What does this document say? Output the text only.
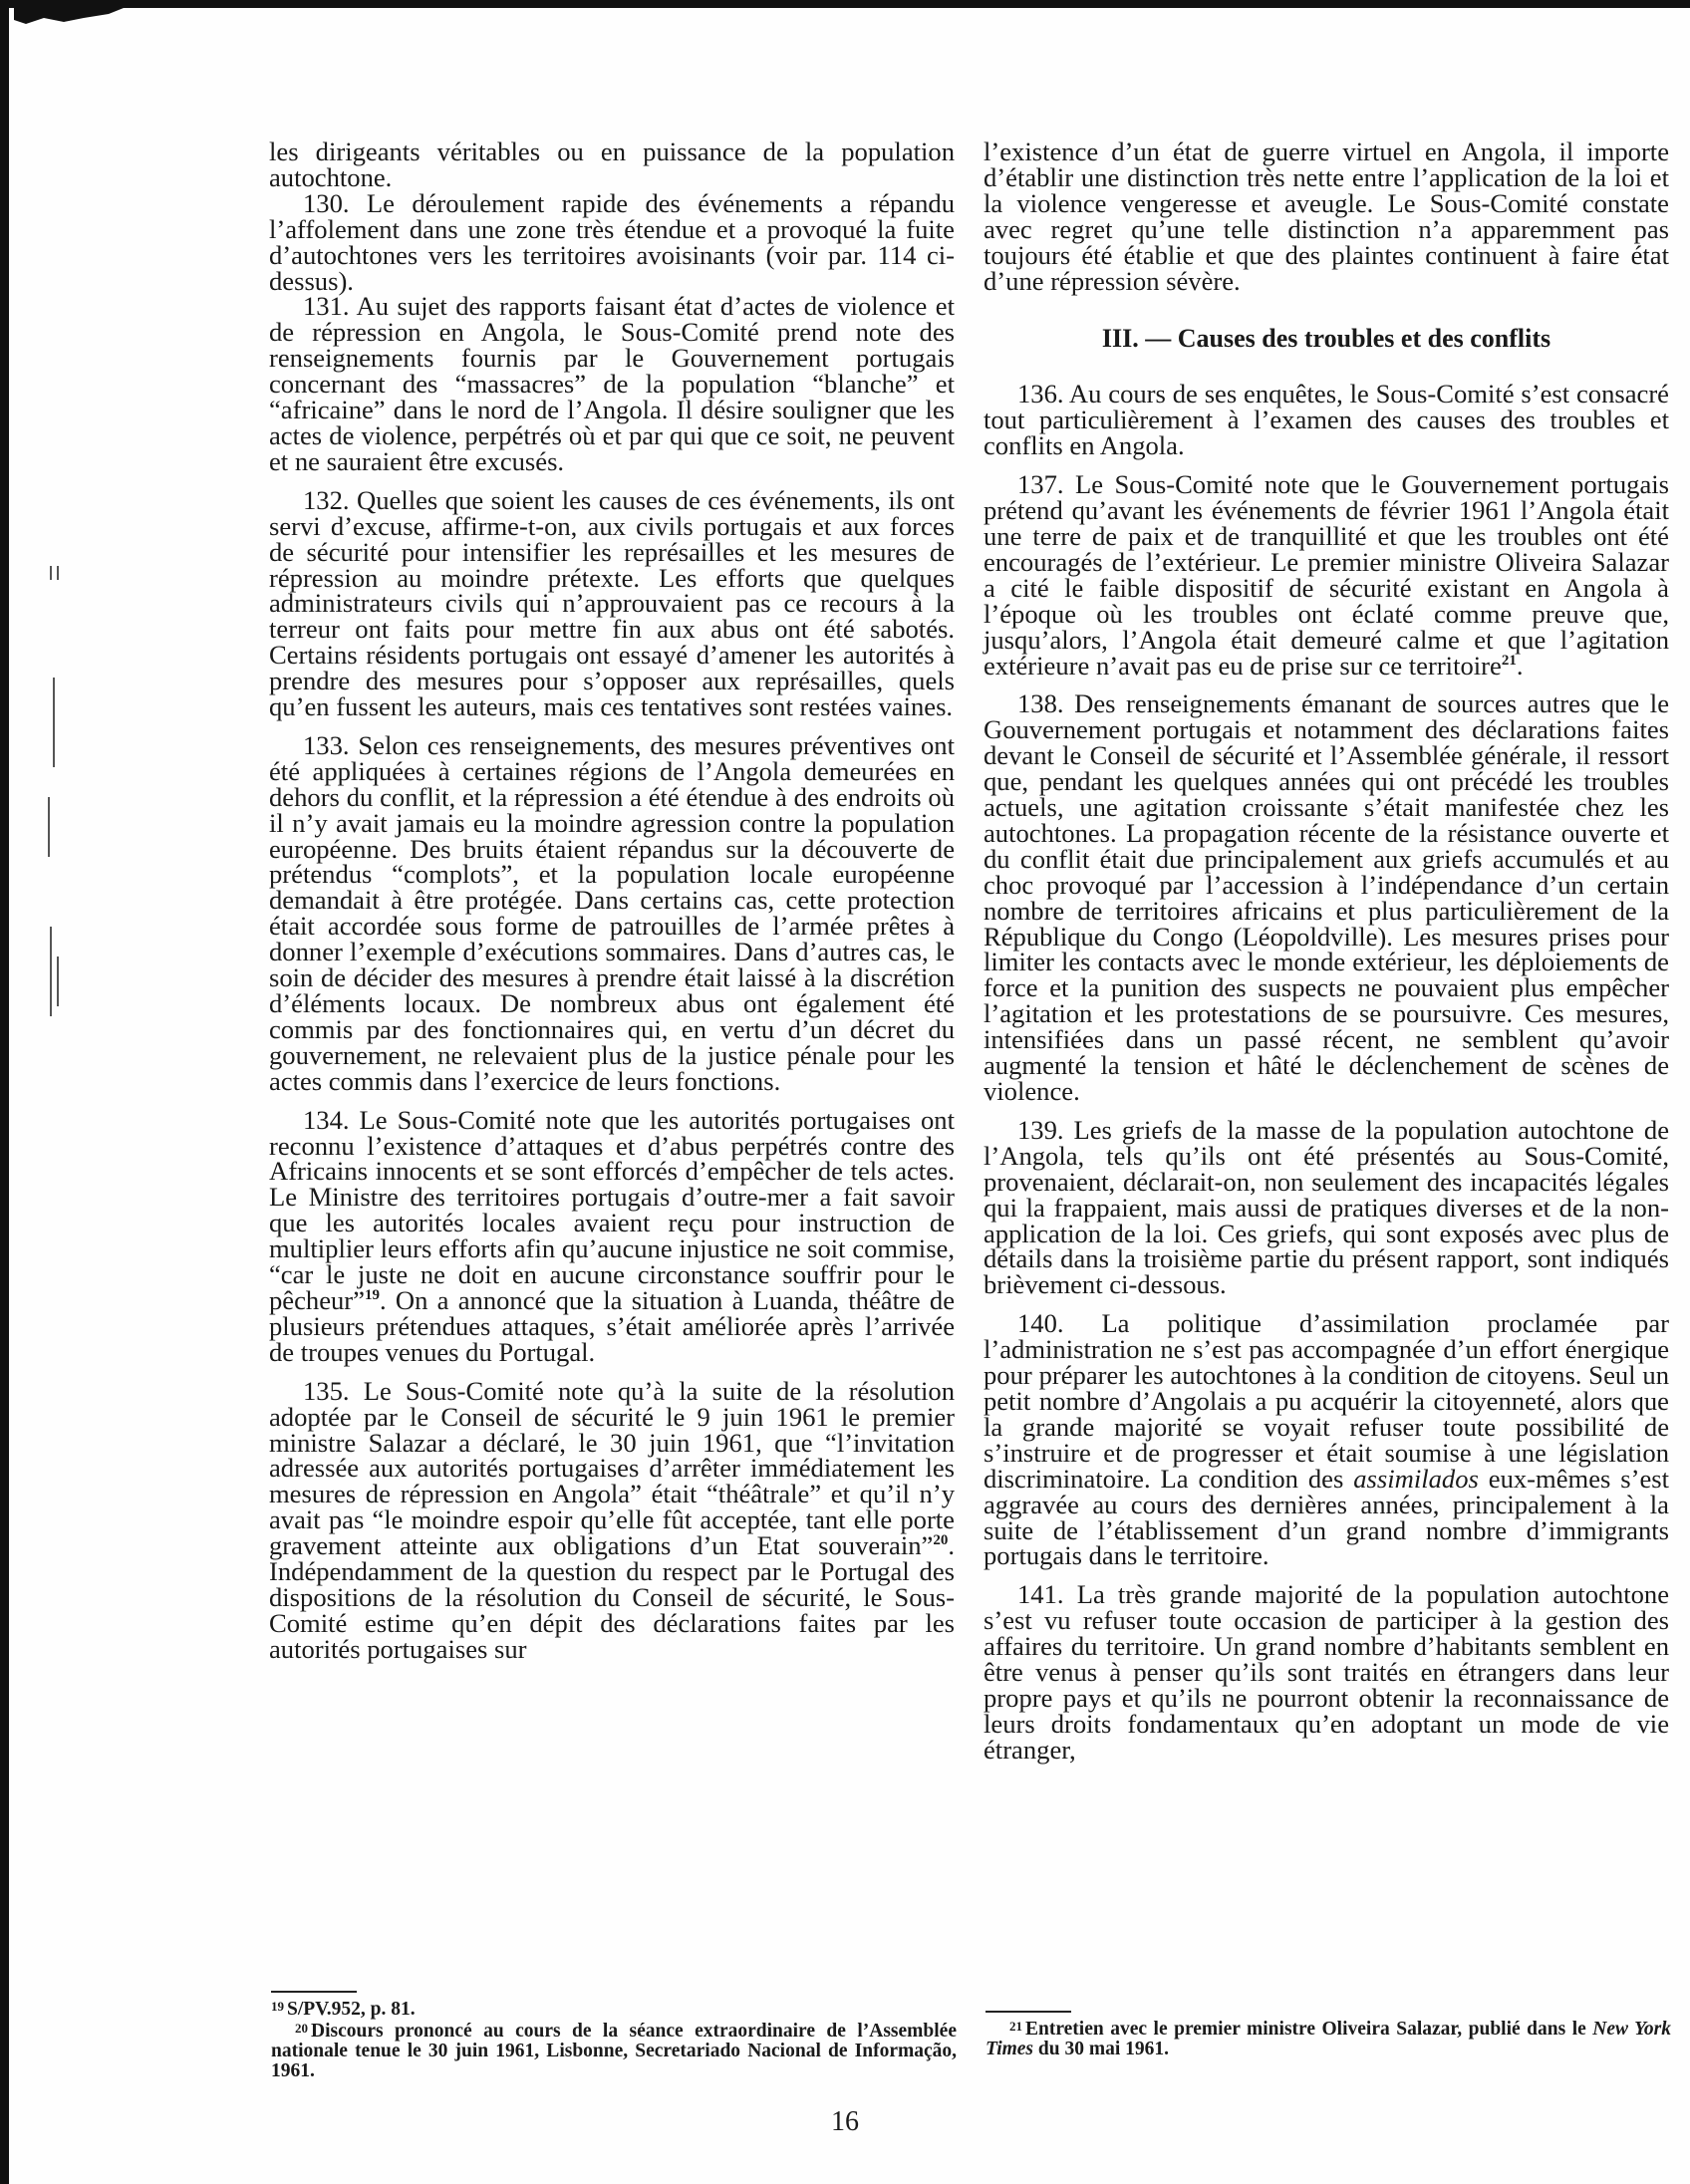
les dirigeants véritables ou en puissance de la population autochtone.

130. Le déroulement rapide des événements a répandu l’affolement dans une zone très étendue et a provoqué la fuite d’autochtones vers les territoires avoisinants (voir par. 114 ci-dessus).

131. Au sujet des rapports faisant état d’actes de violence et de répression en Angola, le Sous-Comité prend note des renseignements fournis par le Gouvernement portugais concernant des “massacres” de la population “blanche” et “africaine” dans le nord de l’Angola. Il désire souligner que les actes de violence, perpétrés où et par qui que ce soit, ne peuvent et ne sauraient être excusés.

132. Quelles que soient les causes de ces événements, ils ont servi d’excuse, affirme-t-on, aux civils portugais et aux forces de sécurité pour intensifier les représailles et les mesures de répression au moindre prétexte. Les efforts que quelques administrateurs civils qui n’approuvaient pas ce recours à la terreur ont faits pour mettre fin aux abus ont été sabotés. Certains résidents portugais ont essayé d’amener les autorités à prendre des mesures pour s’opposer aux représailles, quels qu’en fussent les auteurs, mais ces tentatives sont restées vaines.

133. Selon ces renseignements, des mesures préventives ont été appliquées à certaines régions de l’Angola demeurées en dehors du conflit, et la répression a été étendue à des endroits où il n’y avait jamais eu la moindre agression contre la population européenne. Des bruits étaient répandus sur la découverte de prétendus “complots”, et la population locale européenne demandait à être protégée. Dans certains cas, cette protection était accordée sous forme de patrouilles de l’armée prêtes à donner l’exemple d’exécutions sommaires. Dans d’autres cas, le soin de décider des mesures à prendre était laissé à la discrétion d’éléments locaux. De nombreux abus ont également été commis par des fonctionnaires qui, en vertu d’un décret du gouvernement, ne relevaient plus de la justice pénale pour les actes commis dans l’exercice de leurs fonctions.

134. Le Sous-Comité note que les autorités portugaises ont reconnu l’existence d’attaques et d’abus perpétrés contre des Africains innocents et se sont efforcés d’empêcher de tels actes. Le Ministre des territoires portugais d’outre-mer a fait savoir que les autorités locales avaient reçu pour instruction de multiplier leurs efforts afin qu’aucune injustice ne soit commise, “car le juste ne doit en aucune circonstance souffrir pour le pêcheur”$^{19}$. On a annoncé que la situation à Luanda, théâtre de plusieurs prétendues attaques, s’était améliorée après l’arrivée de troupes venues du Portugal.

135. Le Sous-Comité note qu’à la suite de la résolution adoptée par le Conseil de sécurité le 9 juin 1961 le premier ministre Salazar a déclaré, le 30 juin 1961, que “l’invitation adressée aux autorités portugaises d’arrêter immédiatement les mesures de répression en Angola” était “théâtrale” et qu’il n’y avait pas “le moindre espoir qu’elle fût acceptée, tant elle porte gravement atteinte aux obligations d’un Etat souverain”$^{20}$. Indépendamment de la question du respect par le Portugal des dispositions de la résolution du Conseil de sécurité, le Sous-Comité estime qu’en dépit des déclarations faites par les autorités portugaises sur

$^{19}$ S/PV.952, p. 81.
$^{20}$ Discours prononcé au cours de la séance extraordinaire de l’Assemblée nationale tenue le 30 juin 1961, Lisbonne, Secretariado Nacional de Informação, 1961.

l’existence d’un état de guerre virtuel en Angola, il importe d’établir une distinction très nette entre l’application de la loi et la violence vengeresse et aveugle. Le Sous-Comité constate avec regret qu’une telle distinction n’a apparemment pas toujours été établie et que des plaintes continuent à faire état d’une répression sévère.

III. — Causes des troubles et des conflits

136. Au cours de ses enquêtes, le Sous-Comité s’est consacré tout particulièrement à l’examen des causes des troubles et conflits en Angola.

137. Le Sous-Comité note que le Gouvernement portugais prétend qu’avant les événements de février 1961 l’Angola était une terre de paix et de tranquillité et que les troubles ont été encouragés de l’extérieur. Le premier ministre Oliveira Salazar a cité le faible dispositif de sécurité existant en Angola à l’époque où les troubles ont éclaté comme preuve que, jusqu’alors, l’Angola était demeuré calme et que l’agitation extérieure n’avait pas eu de prise sur ce territoire$^{21}$.

138. Des renseignements émanant de sources autres que le Gouvernement portugais et notamment des déclarations faites devant le Conseil de sécurité et l’Assemblée générale, il ressort que, pendant les quelques années qui ont précédé les troubles actuels, une agitation croissante s’était manifestée chez les autochtones. La propagation récente de la résistance ouverte et du conflit était due principalement aux griefs accumulés et au choc provoqué par l’accession à l’indépendance d’un certain nombre de territoires africains et plus particulièrement de la République du Congo (Léopoldville). Les mesures prises pour limiter les contacts avec le monde extérieur, les déploiements de force et la punition des suspects ne pouvaient plus empêcher l’agitation et les protestations de se poursuivre. Ces mesures, intensifiées dans un passé récent, ne semblent qu’avoir augmenté la tension et hâté le déclenchement de scènes de violence.

139. Les griefs de la masse de la population autochtone de l’Angola, tels qu’ils ont été présentés au Sous-Comité, provenaient, déclarait-on, non seulement des incapacités légales qui la frappaient, mais aussi de pratiques diverses et de la non-application de la loi. Ces griefs, qui sont exposés avec plus de détails dans la troisième partie du présent rapport, sont indiqués brièvement ci-dessous.

140. La politique d’assimilation proclamée par l’administration ne s’est pas accompagnée d’un effort énergique pour préparer les autochtones à la condition de citoyens. Seul un petit nombre d’Angolais a pu acquérir la citoyenneté, alors que la grande majorité se voyait refuser toute possibilité de s’instruire et de progresser et était soumise à une législation discriminatoire. La condition des assimilados eux-mêmes s’est aggravée au cours des dernières années, principalement à la suite de l’établissement d’un grand nombre d’immigrants portugais dans le territoire.

141. La très grande majorité de la population autochtone s’est vu refuser toute occasion de participer à la gestion des affaires du territoire. Un grand nombre d’habitants semblent en être venus à penser qu’ils sont traités en étrangers dans leur propre pays et qu’ils ne pourront obtenir la reconnaissance de leurs droits fondamentaux qu’en adoptant un mode de vie étranger,

$^{21}$ Entretien avec le premier ministre Oliveira Salazar, publié dans le New York Times du 30 mai 1961.
16
